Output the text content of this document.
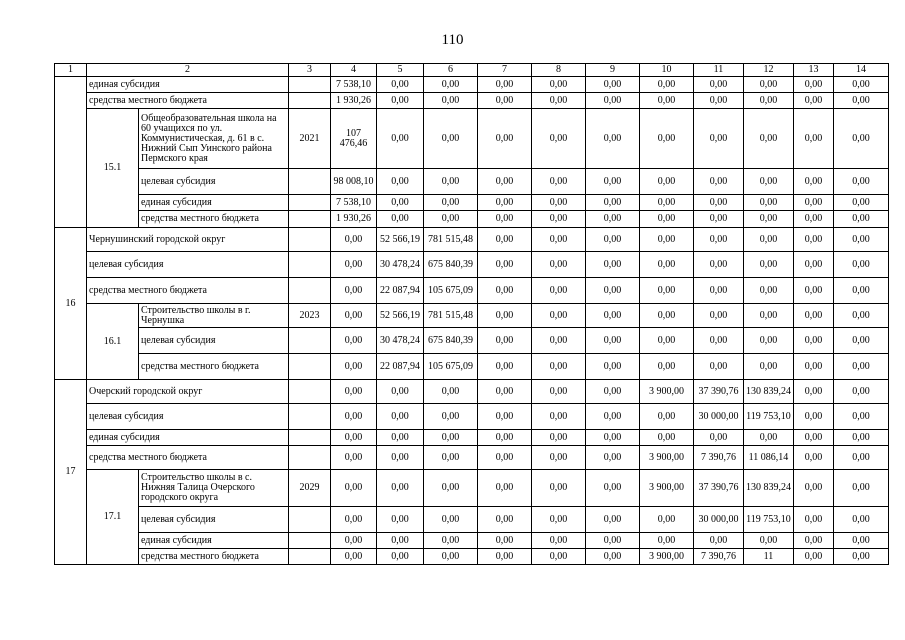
110
1	2		3	4	5	6	7	8	9	10	11	12	13	14
	единая субсидия			7 538,10	0,00	0,00	0,00	0,00	0,00	0,00	0,00	0,00	0,00	0,00
	средства местного бюджета			1 930,26	0,00	0,00	0,00	0,00	0,00	0,00	0,00	0,00	0,00	0,00
	15.1	Общеобразовательная школа на 60 учащихся по ул. Коммунистическая, д. 61 в с. Нижний Сып Уинского района Пермского края	2021	107 476,46	0,00	0,00	0,00	0,00	0,00	0,00	0,00	0,00	0,00	0,00
		целевая субсидия		98 008,10	0,00	0,00	0,00	0,00	0,00	0,00	0,00	0,00	0,00	0,00
		единая субсидия		7 538,10	0,00	0,00	0,00	0,00	0,00	0,00	0,00	0,00	0,00	0,00
		средства местного бюджета		1 930,26	0,00	0,00	0,00	0,00	0,00	0,00	0,00	0,00	0,00	0,00
16	Чернушинский городской округ			0,00	52 566,19	781 515,48	0,00	0,00	0,00	0,00	0,00	0,00	0,00	0,00
	целевая субсидия			0,00	30 478,24	675 840,39	0,00	0,00	0,00	0,00	0,00	0,00	0,00	0,00
	средства местного бюджета			0,00	22 087,94	105 675,09	0,00	0,00	0,00	0,00	0,00	0,00	0,00	0,00
	16.1	Строительство школы в г. Чернушка	2023	0,00	52 566,19	781 515,48	0,00	0,00	0,00	0,00	0,00	0,00	0,00	0,00
		целевая субсидия		0,00	30 478,24	675 840,39	0,00	0,00	0,00	0,00	0,00	0,00	0,00	0,00
		средства местного бюджета		0,00	22 087,94	105 675,09	0,00	0,00	0,00	0,00	0,00	0,00	0,00	0,00
17	Очерский городской округ			0,00	0,00	0,00	0,00	0,00	0,00	3 900,00	37 390,76	130 839,24	0,00	0,00
	целевая субсидия			0,00	0,00	0,00	0,00	0,00	0,00	0,00	30 000,00	119 753,10	0,00	0,00
	единая субсидия			0,00	0,00	0,00	0,00	0,00	0,00	0,00	0,00	0,00	0,00	0,00
	средства местного бюджета			0,00	0,00	0,00	0,00	0,00	0,00	3 900,00	7 390,76	11 086,14	0,00	0,00
	17.1	Строительство школы в с. Нижняя Талица Очерского городского округа	2029	0,00	0,00	0,00	0,00	0,00	0,00	3 900,00	37 390,76	130 839,24	0,00	0,00
		целевая субсидия		0,00	0,00	0,00	0,00	0,00	0,00	0,00	30 000,00	119 753,10	0,00	0,00
		единая субсидия		0,00	0,00	0,00	0,00	0,00	0,00	0,00	0,00	0,00	0,00	0,00
		средства местного бюджета		0,00	0,00	0,00	0,00	0,00	0,00	3 900,00	7 390,76	11	0,00	0,00
